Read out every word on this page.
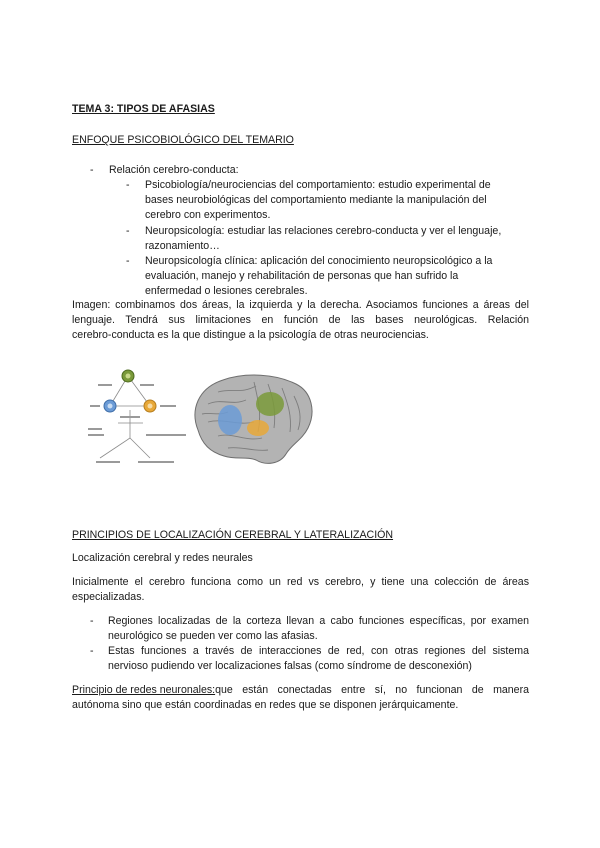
TEMA 3: TIPOS DE AFASIAS
ENFOQUE PSICOBIOLÓGICO DEL TEMARIO
- Relación cerebro-conducta:
- Psicobiología/neurociencias del comportamiento: estudio experimental de
bases neurobiológicas del comportamiento mediante la manipulación del
cerebro con experimentos.
- Neuropsicología: estudiar las relaciones cerebro-conducta y ver el lenguaje,
razonamiento…
- Neuropsicología clínica: aplicación del conocimiento neuropsicológico a la
evaluación, manejo y rehabilitación de personas que han sufrido la
enfermedad o lesiones cerebrales.
Imagen: combinamos dos áreas, la izquierda y la derecha. Asociamos funciones a áreas del
lenguaje. Tendrá sus limitaciones en función de las bases neurológicas. Relación
cerebro-conducta es la que distingue a la psicología de otras neurociencias.
PRINCIPIOS DE LOCALIZACIÓN CEREBRAL Y LATERALIZACIÓN
Localización cerebral y redes neurales
Inicialmente el cerebro funciona como un red vs cerebro, y tiene una colección de áreas
especializadas.
- Regiones localizadas de la corteza llevan a cabo funciones específicas, por examen
neurológico se pueden ver como las afasias.
- Estas funciones a través de interacciones de red, con otras regiones del sistema
nervioso pudiendo ver localizaciones falsas (como síndrome de desconexión)
Principio de redes neuronales: que están conectadas entre sí, no funcionan de manera
autónoma sino que están coordinadas en redes que se disponen jerárquicamente.
